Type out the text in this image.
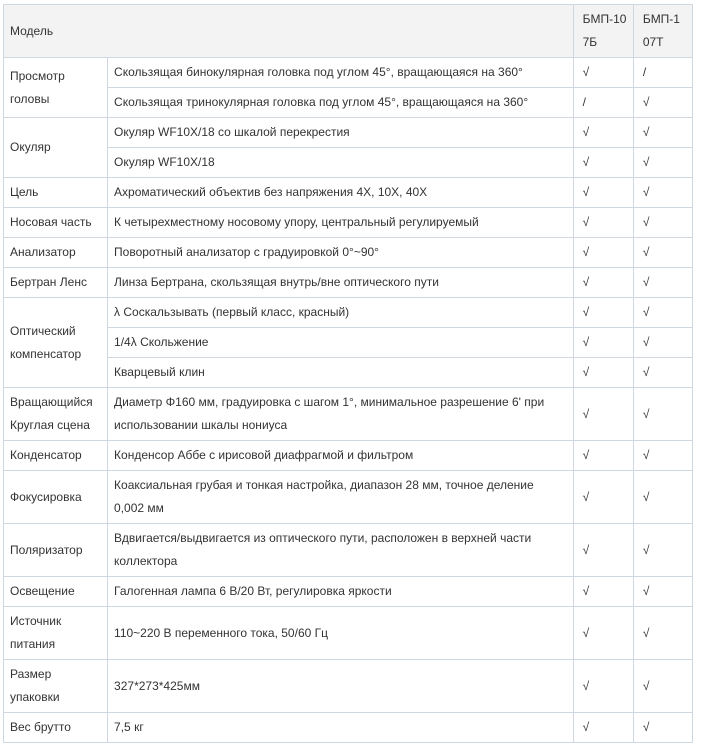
Модель		БМП-107Б	БМП-107T
Просмотр головы	Скользящая бинокулярная головка под углом 45°, вращающаяся на 360°	√	/
	Скользящая тринокулярная головка под углом 45°, вращающаяся на 360°	/	√
Окуляр	Окуляр WF10X/18 со шкалой перекрестия	√	√
	Окуляр WF10X/18	√	√
Цель	Ахроматический объектив без напряжения 4X, 10X, 40X	√	√
Носовая часть	К четырехместному носовому упору, центральный регулируемый	√	√
Анализатор	Поворотный анализатор с градуировкой 0°~90°	√	√
Бертран Ленс	Линза Бертрана, скользящая внутрь/вне оптического пути	√	√
Оптический компенсатор	λ Соскальзывать (первый класс, красный)	√	√
	1/4λ Скольжение	√	√
	Кварцевый клин	√	√
Вращающийся Круглая сцена	Диаметр Φ160 мм, градуировка с шагом 1°, минимальное разрешение 6' при использовании шкалы нониуса	√	√
Конденсатор	Конденсор Аббе с ирисовой диафрагмой и фильтром	√	√
Фокусировка	Коаксиальная грубая и тонкая настройка, диапазон 28 мм, точное деление 0,002 мм	√	√
Поляризатор	Вдвигается/выдвигается из оптического пути, расположен в верхней части коллектора	√	√
Освещение	Галогенная лампа 6 В/20 Вт, регулировка яркости	√	√
Источник питания	110~220 В переменного тока, 50/60 Гц	√	√
Размер упаковки	327*273*425мм	√	√
Вес брутто	7,5 кг	√	√
